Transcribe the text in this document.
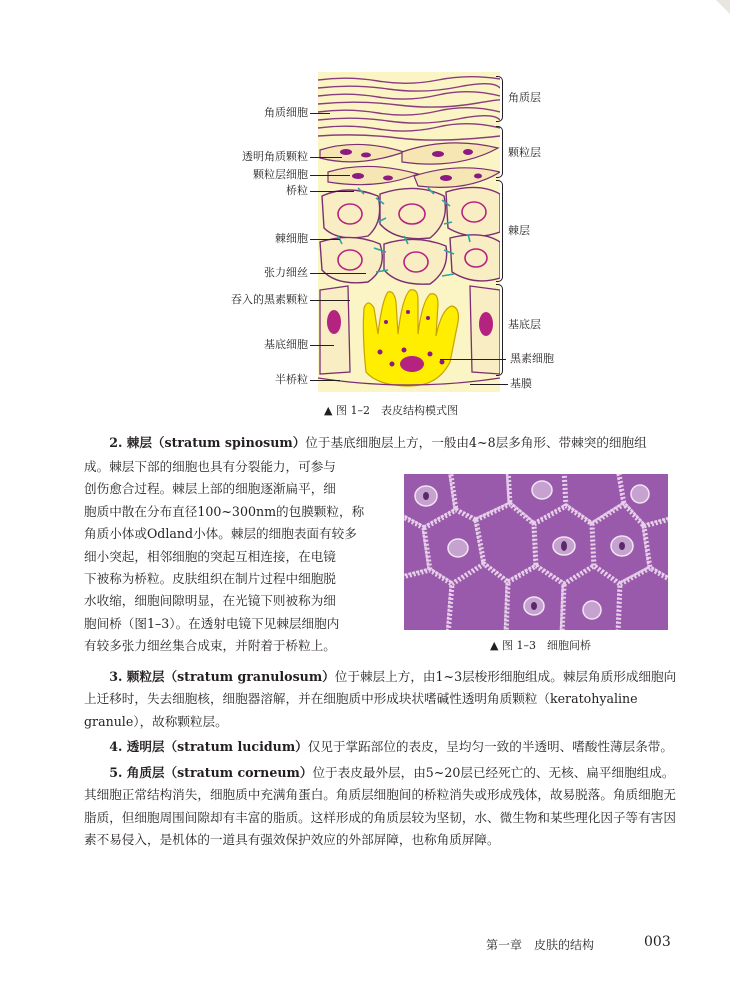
角质细胞
透明角质颗粒
颗粒层细胞
桥粒
棘细胞
张力细丝
吞入的黑素颗粒
基底细胞
半桥粒
角质层
颗粒层
棘层
基底层
黑素细胞
基膜
▲ 图 1–2　表皮结构模式图

2. 棘层（stratum spinosum）位于基底细胞层上方，一般由4~8层多角形、带棘突的细胞组

成。棘层下部的细胞也具有分裂能力，可参与
创伤愈合过程。棘层上部的细胞逐渐扁平，细
胞质中散在分布直径100~300nm的包膜颗粒，称
角质小体或Odland小体。棘层的细胞表面有较多
细小突起，相邻细胞的突起互相连接，在电镜
下被称为桥粒。皮肤组织在制片过程中细胞脱
水收缩，细胞间隙明显，在光镜下则被称为细
胞间桥（图1–3）。在透射电镜下见棘层细胞内
有较多张力细丝集合成束，并附着于桥粒上。	▲ 图 1–3　细胞间桥

3. 颗粒层（stratum granulosum）位于棘层上方，由1~3层梭形细胞组成。棘层角质形成细胞向上迁移时，失去细胞核，细胞器溶解，并在细胞质中形成块状嗜碱性透明角质颗粒（keratohyaline granule），故称颗粒层。

4. 透明层（stratum lucidum）仅见于掌跖部位的表皮，呈均匀一致的半透明、嗜酸性薄层条带。

5. 角质层（stratum corneum）位于表皮最外层，由5~20层已经死亡的、无核、扁平细胞组成。其细胞正常结构消失，细胞质中充满角蛋白。角质层细胞间的桥粒消失或形成残体，故易脱落。角质细胞无脂质，但细胞周围间隙却有丰富的脂质。这样形成的角质层较为坚韧，水、微生物和某些理化因子等有害因素不易侵入，是机体的一道具有强效保护效应的外部屏障，也称角质屏障。

第一章　皮肤的结构	003
